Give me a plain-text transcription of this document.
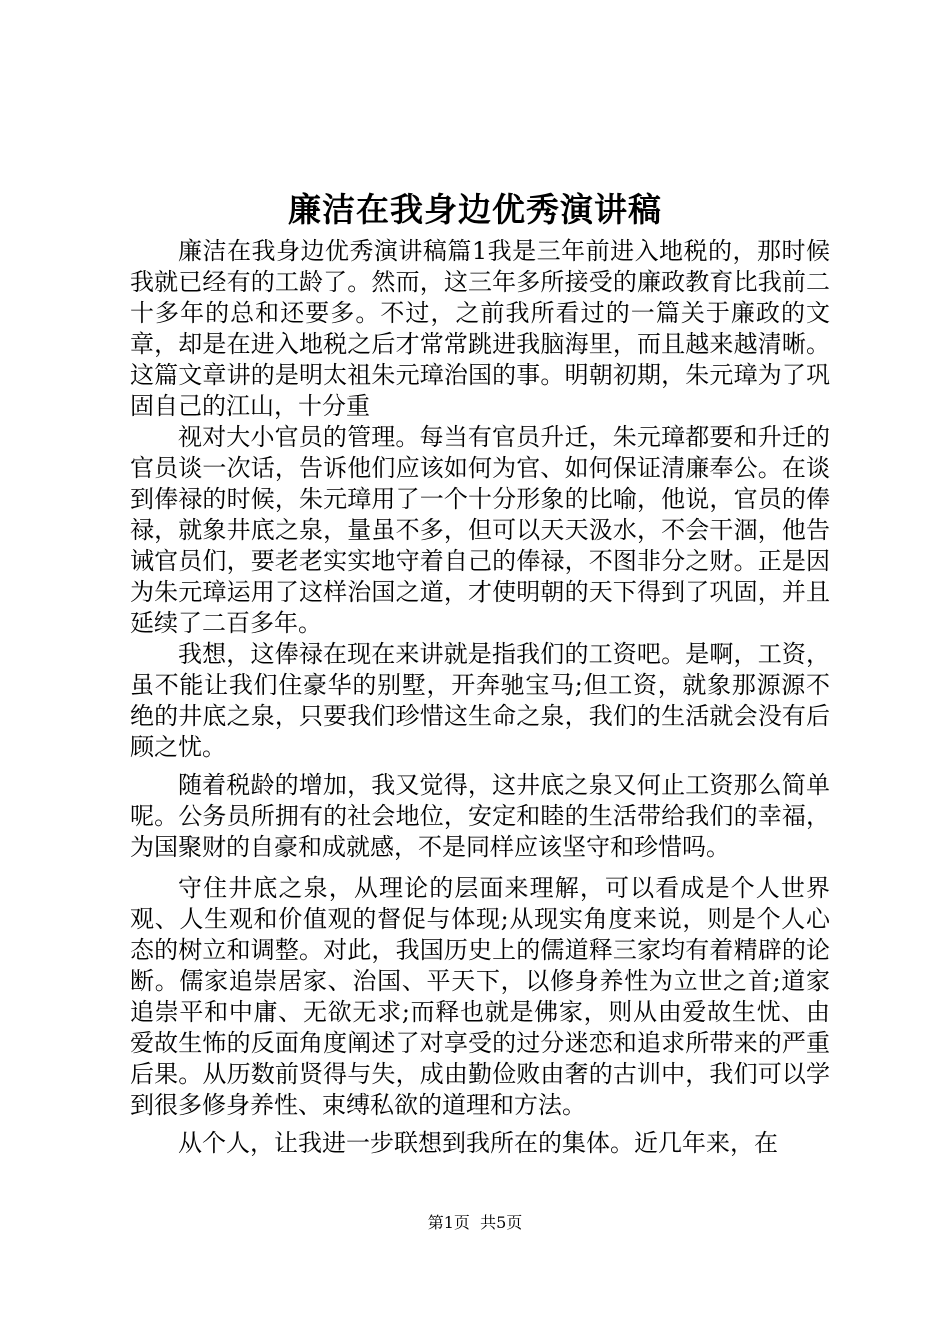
廉洁在我身边优秀演讲稿

廉洁在我身边优秀演讲稿篇1我是三年前进入地税的，那时候我就已经有的工龄了。然而，这三年多所接受的廉政教育比我前二十多年的总和还要多。不过，之前我所看过的一篇关于廉政的文章，却是在进入地税之后才常常跳进我脑海里，而且越来越清晰。这篇文章讲的是明太祖朱元璋治国的事。明朝初期，朱元璋为了巩固自己的江山，十分重

视对大小官员的管理。每当有官员升迁，朱元璋都要和升迁的官员谈一次话，告诉他们应该如何为官、如何保证清廉奉公。在谈到俸禄的时候，朱元璋用了一个十分形象的比喻，他说，官员的俸禄，就象井底之泉，量虽不多，但可以天天汲水，不会干涸，他告诫官员们，要老老实实地守着自己的俸禄，不图非分之财。正是因为朱元璋运用了这样治国之道，才使明朝的天下得到了巩固，并且延续了二百多年。

我想，这俸禄在现在来讲就是指我们的工资吧。是啊，工资，虽不能让我们住豪华的别墅，开奔驰宝马;但工资，就象那源源不绝的井底之泉，只要我们珍惜这生命之泉，我们的生活就会没有后顾之忧。

随着税龄的增加，我又觉得，这井底之泉又何止工资那么简单呢。公务员所拥有的社会地位，安定和睦的生活带给我们的幸福，为国聚财的自豪和成就感，不是同样应该坚守和珍惜吗。

守住井底之泉，从理论的层面来理解，可以看成是个人世界观、人生观和价值观的督促与体现;从现实角度来说，则是个人心态的树立和调整。对此，我国历史上的儒道释三家均有着精辟的论断。儒家追崇居家、治国、平天下，以修身养性为立世之首;道家追崇平和中庸、无欲无求;而释也就是佛家，则从由爱故生忧、由爱故生怖的反面角度阐述了对享受的过分迷恋和追求所带来的严重后果。从历数前贤得与失，成由勤俭败由奢的古训中，我们可以学到很多修身养性、束缚私欲的道理和方法。

从个人，让我进一步联想到我所在的集体。近几年来，在

第1页 共5页
